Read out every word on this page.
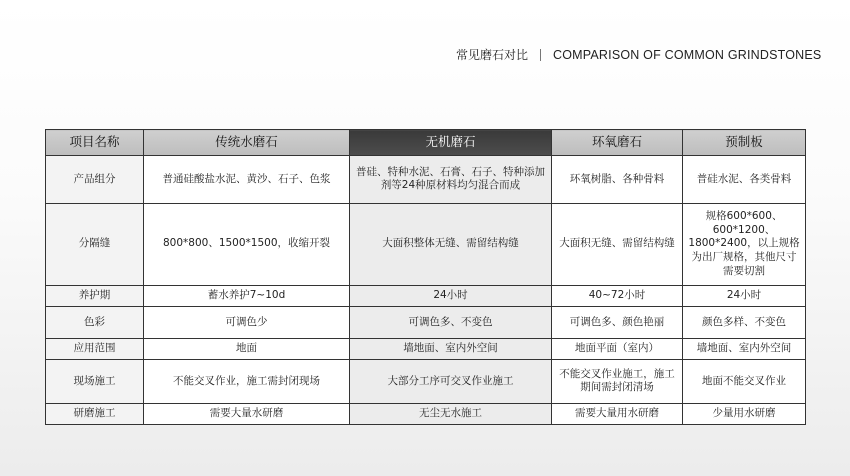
常见磨石对比 COMPARISON OF COMMON GRINDSTONES
项目名称	传统水磨石	无机磨石	环氧磨石	预制板
产品组分	普通硅酸盐水泥、黄沙、石子、色浆	普硅、特种水泥、石膏、石子、特种添加剂等24种原材料均匀混合而成	环氧树脂、各种骨料	普硅水泥、各类骨料
分隔缝	800*800、1500*1500，收缩开裂	大面积整体无缝、需留结构缝	大面积无缝、需留结构缝	规格600*600、600*1200、1800*2400，以上规格为出厂规格，其他尺寸需要切割
养护期	蓄水养护7~10d	24小时	40~72小时	24小时
色彩	可调色少	可调色多、不变色	可调色多、颜色艳丽	颜色多样、不变色
应用范围	地面	墙地面、室内外空间	地面平面（室内）	墙地面、室内外空间
现场施工	不能交叉作业，施工需封闭现场	大部分工序可交叉作业施工	不能交叉作业施工，施工期间需封闭清场	地面不能交叉作业
研磨施工	需要大量水研磨	无尘无水施工	需要大量用水研磨	少量用水研磨
